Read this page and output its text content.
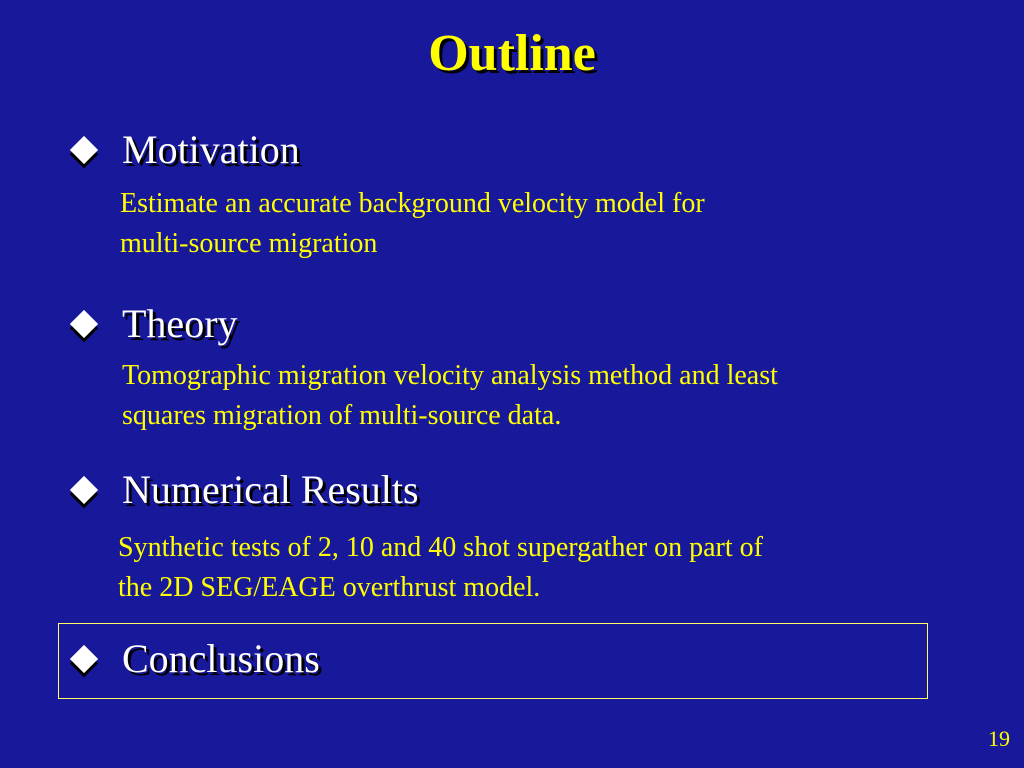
Outline
Motivation
Estimate an accurate background velocity model for
multi-source migration
Theory
Tomographic migration velocity analysis method and least
squares migration of multi-source data.
Numerical Results
Synthetic tests of 2, 10 and 40 shot supergather on part of
the 2D SEG/EAGE overthrust model.
Conclusions
19
